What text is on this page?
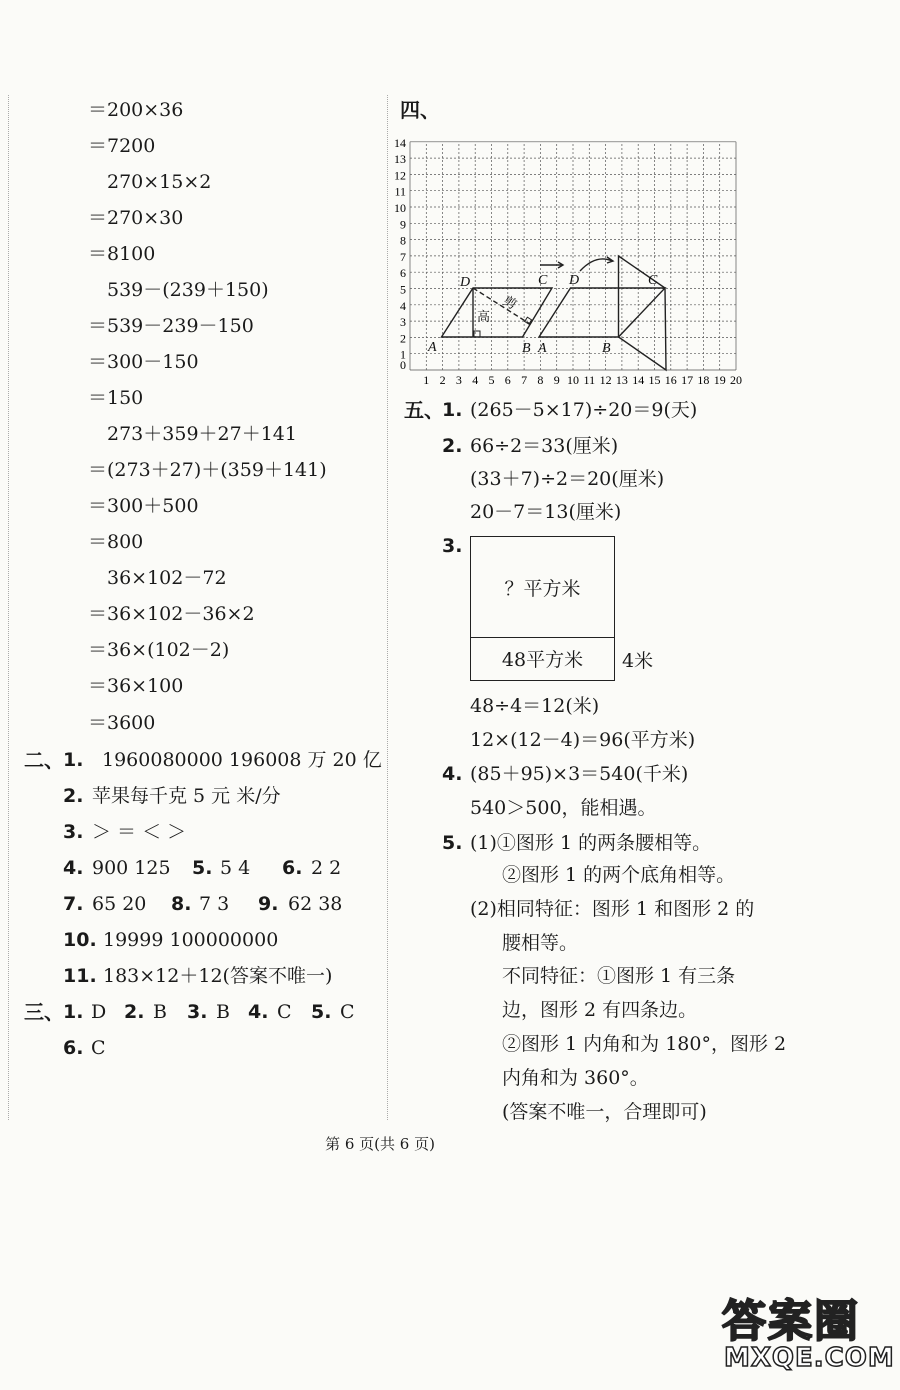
＝200×36
＝7200
270×15×2
＝270×30
＝8100
539－(239＋150)
＝539－239－150
＝300－150
＝150
273＋359＋27＋141
＝(273＋27)＋(359＋141)
＝300＋500
＝800
36×102－72
＝36×102－36×2
＝36×(102－2)
＝36×100
＝3600
二、 1. 1960080000 196008 万 20 亿
2. 苹果每千克 5 元 米/分
3. ＞ ＝ ＜ ＞
4. 900 125 5. 5 4 6. 2 2
7. 65 20 8. 7 3 9. 62 38
10. 19999 100000000
11. 183×12＋12(答案不唯一)
三、 1. D 2. B 3. B 4. C 5. C
6. C
四、
0
1
2
3
4
5
6
7
8
9
10
11
12
13
14
1 2 3 4 5 6 7 8 9 10 11 12 13 14 15 16 17 18 19 20
A
D	C
B A
D
B
C
高
剪
五、
1. (265－5×17)÷20＝9(天)
2. 66÷2＝33(厘米)
(33＋7)÷2＝20(厘米)
20－7＝13(厘米)
3.
？平方米
48平方米	4米
48÷4＝12(米)
12×(12－4)＝96(平方米)
4. (85＋95)×3＝540(千米)
540＞500，能相遇。
5. (1)①图形 1 的两条腰相等。
②图形 1 的两个底角相等。
(2)相同特征：图形 1 和图形 2 的
腰相等。
不同特征：①图形 1 有三条
边，图形 2 有四条边。
②图形 1 内角和为 180°，图形 2
内角和为 360°。
(答案不唯一，合理即可)
第 6 页(共 6 页)
答案圈
MXQE.COM
